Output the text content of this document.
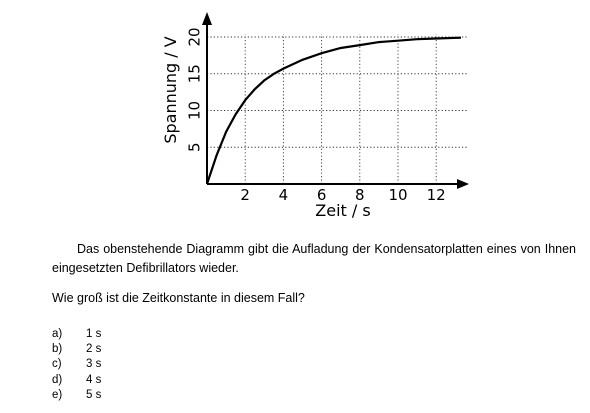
2 4 6 8 10 12
5
10
15
20
Zeit / s
Spannung / V

Das obenstehende Diagramm gibt die Aufladung der Kondensatorplatten eines von Ihnen eingesetzten Defibrillators wieder.

Wie groß ist die Zeitkonstante in diesem Fall?

a)	1 s
b)	2 s
c)	3 s
d)	4 s
e)	5 s
